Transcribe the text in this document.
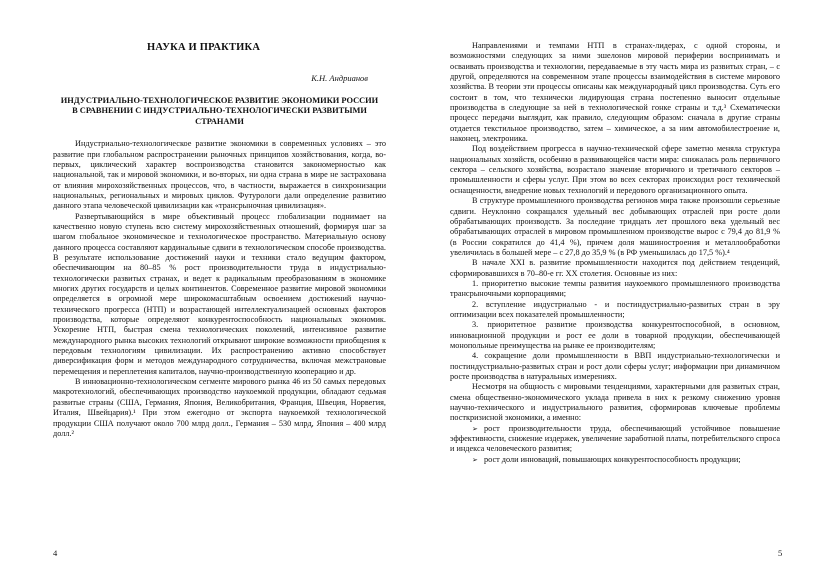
НАУКА И ПРАКТИКА
К.Н. Андрианов
ИНДУСТРИАЛЬНО-ТЕХНОЛОГИЧЕСКОЕ РАЗВИТИЕ ЭКОНОМИКИ РОССИИ В СРАВНЕНИИ С ИНДУСТРИАЛЬНО-ТЕХНОЛОГИЧЕСКИ РАЗВИТЫМИ СТРАНАМИ

Индустриально-технологическое развитие экономики в современных условиях – это развитие при глобальном распространении рыночных принципов хозяйствования, когда, во-первых, циклический характер воспроизводства становится закономерностью как национальной, так и мировой экономики, и во-вторых, ни одна страна в мире не застрахована от влияния мирохозяйственных процессов, что, в частности, выражается в синхронизации национальных, региональных и мировых циклов. Футурологи дали определение развитию данного этапа человеческой цивилизации как «трансрыночная цивилизация».

Развертывающийся в мире объективный процесс глобализации поднимает на качественно новую ступень всю систему мирохозяйственных отношений, формируя шаг за шагом глобальное экономическое и технологическое пространство. Материальную основу данного процесса составляют кардинальные сдвиги в технологическом способе производства. В результате использование достижений науки и техники стало ведущим фактором, обеспечивающим на 80–85 % рост производительности труда в индустриально-технологически развитых странах, и ведет к радикальным преобразованиям в экономике многих других государств и целых континентов. Современное развитие мировой экономики определяется в огромной мере широкомасштабным освоением достижений научно-технического прогресса (НТП) и возрастающей интеллектуализацией основных факторов производства, которые определяют конкурентоспособность национальных экономик. Ускорение НТП, быстрая смена технологических поколений, интенсивное развитие международного рынка высоких технологий открывают широкие возможности приобщения к передовым технологиям цивилизации. Их распространению активно способствует диверсификация форм и методов международного сотрудничества, включая межстрановые перемещения и переплетения капиталов, научно-производственную кооперацию и др.

В инновационно-технологическом сегменте мирового рынка 46 из 50 самых передовых макротехнологий, обеспечивающих производство наукоемкой продукции, обладают седьмая развитые страны (США, Германия, Япония, Великобритания, Франция, Швеция, Норвегия, Италия, Швейцария).¹ При этом ежегодно от экспорта наукоемкой технологической продукции США получают около 700 млрд долл., Германия – 530 млрд, Япония – 400 млрд долл.²

4

Направлениями и темпами НТП в странах-лидерах, с одной стороны, и возможностями следующих за ними эшелонов мировой периферии воспринимать и осваивать производства и технологии, передаваемые в эту часть мира из развитых стран, – с другой, определяются на современном этапе процессы взаимодействия в системе мирового хозяйства. В теории эти процессы описаны как международный цикл производства. Суть его состоит в том, что технически лидирующая страна постепенно выносит отдельные производства в следующие за ней в технологической гонке страны и т.д.³ Схематически процесс передачи выглядит, как правило, следующим образом: сначала в другие страны отдается текстильное производство, затем – химическое, а за ним автомобилестроение и, наконец, электроника.

Под воздействием прогресса в научно-технической сфере заметно меняла структура национальных хозяйств, особенно в развивающейся части мира: снижалась роль первичного сектора – сельского хозяйства, возрастало значение вторичного и третичного секторов – промышленности и сферы услуг. При этом во всех секторах происходил рост технической оснащенности, внедрение новых технологий и передового организационного опыта.

В структуре промышленного производства регионов мира также произошли серьезные сдвиги. Неуклонно сокращался удельный вес добывающих отраслей при росте доли обрабатывающих производств. За последние тридцать лет прошлого века удельный вес обрабатывающих отраслей в мировом промышленном производстве вырос с 79,4 до 81,9 % (в России сократился до 41,4 %), причем доля машиностроения и металлообработки увеличилась в большей мере – с 27,8 до 35,9 % (в РФ уменьшилась до 17,5 %).⁴

В начале XXI в. развитие промышленности находится под действием тенденций, сформировавшихся в 70–80-е гг. XX столетия. Основные из них:

1. приоритетно высокие темпы развития наукоемкого промышленного производства трансрыночными корпорациями;

2. вступление индустриально - и постиндустриально-развитых стран в эру оптимизации всех показателей промышленности;

3. приоритетное развитие производства конкурентоспособной, в основном, инновационной продукции и рост ее доли в товарной продукции, обеспечивающей монопольные преимущества на рынке ее производителям;

4. сокращение доли промышленности в ВВП индустриально-технологически и постиндустриально-развитых стран и рост доли сферы услуг; информации при динамичном росте производства в натуральных измерениях.

Несмотря на общность с мировыми тенденциями, характерными для развитых стран, смена общественно-экономического уклада привела в них к резкому снижению уровня научно-технического и индустриального развития, сформировав ключевые проблемы посткризисной экономики, а именно:

➢ рост производительности труда, обеспечивающий устойчивое повышение эффективности, снижение издержек, увеличение заработной платы, потребительского спроса и индекса человеческого развития;

➢ рост доли инноваций, повышающих конкурентоспособность продукции;

5
